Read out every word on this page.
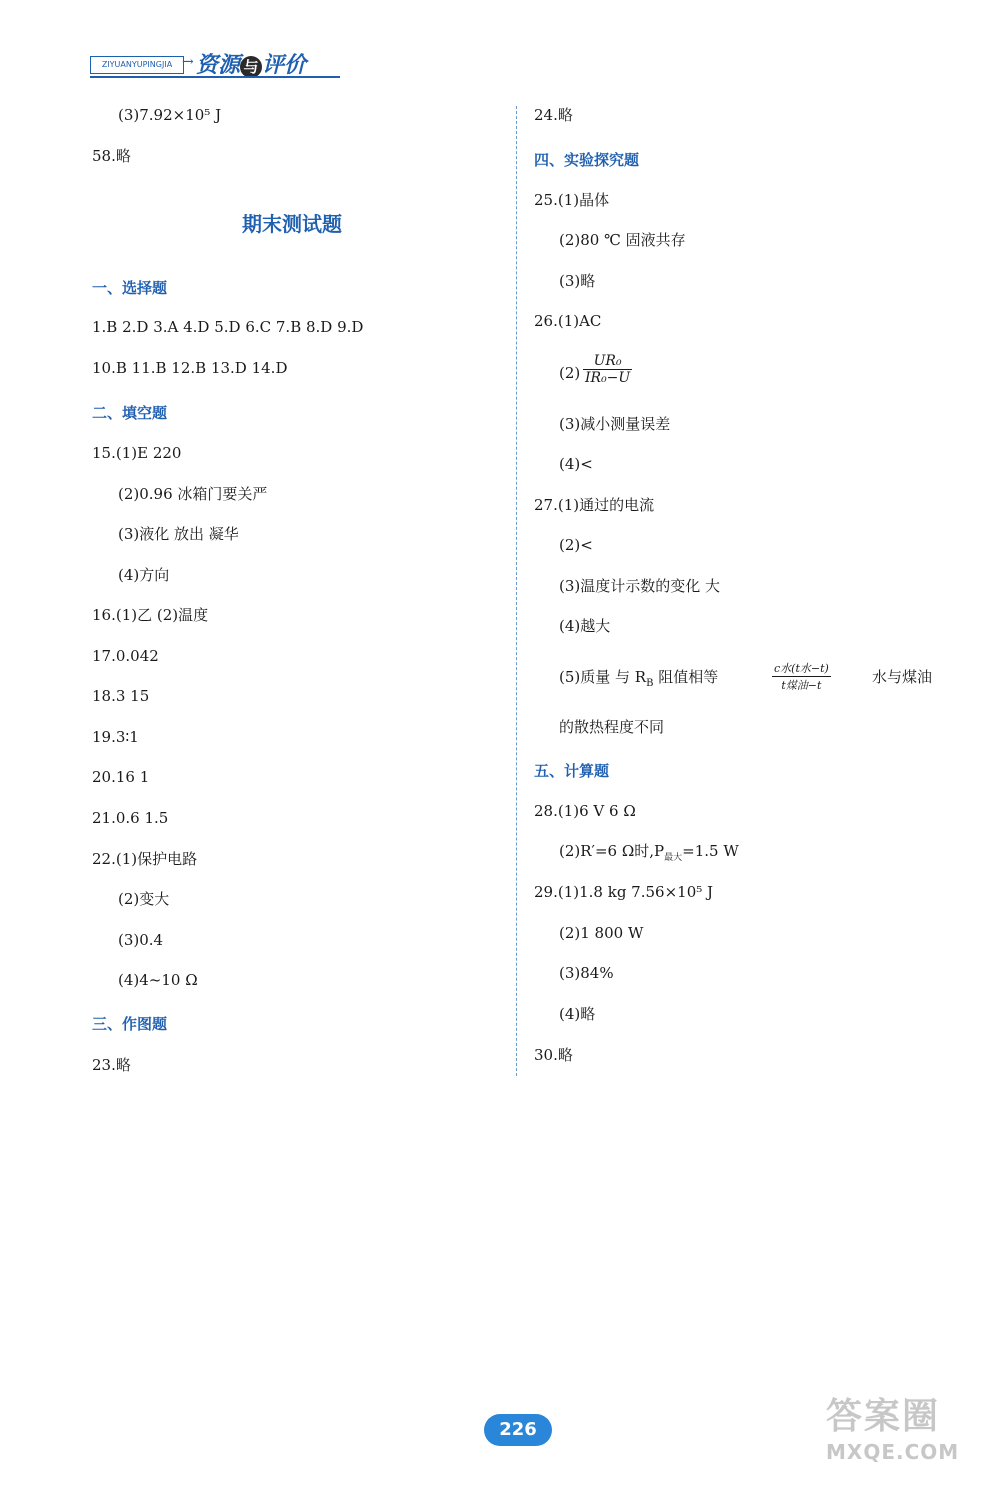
ZIYUANYUPINGJIA → 资源 与 评价
(3)7.92×10⁵ J
58.略
期末测试题
一、选择题
1.B 2.D 3.A 4.D 5.D 6.C 7.B 8.D 9.D
10.B 11.B 12.B 13.D 14.D
二、填空题
15.(1)E 220
(2)0.96 冰箱门要关严
(3)液化 放出 凝华
(4)方向
16.(1)乙 (2)温度
17.0.042
18.3 15
19.3∶1
20.16 1
21.0.6 1.5
22.(1)保护电路
(2)变大
(3)0.4
(4)4~10 Ω
三、作图题
23.略
24.略
四、实验探究题
25.(1)晶体
(2)80 ℃ 固液共存
(3)略
26.(1)AC
$(2) \frac{\text{UR₀}}{\text{IR₀−U}}$
(3)减小测量误差
(4)<
27.(1)通过的电流
(2)<
(3)温度计示数的变化 大
(4)越大
(5)质量 与 $R_B$ 阻值相等	c水(t水−t)
t煤油−t	水与煤油
的散热程度不同
五、计算题
28.(1)6 V 6 Ω
(2)R′=6 Ω时$,P_{最大}=1.5$ W
29.(1)1.8 kg 7.56×10⁵ J
(2)1 800 W
(3)84%
(4)略
30.略
226	答案圈
MXQE.COM
